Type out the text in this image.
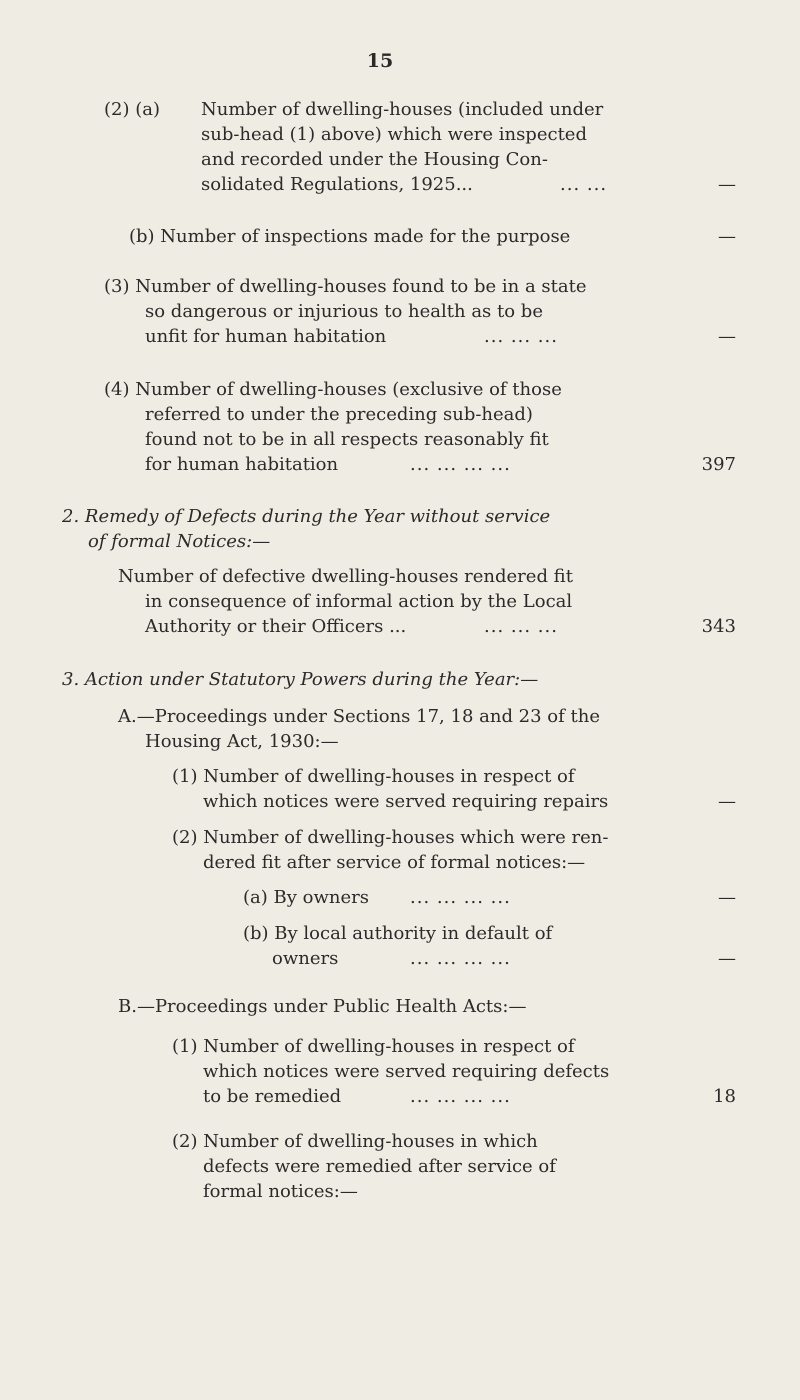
15
(2) (a) Number of dwelling-houses (included under
sub-head (1) above) which were inspected
and recorded under the Housing Con-
solidated Regulations, 1925...	... ...	—
(b) Number of inspections made for the purpose	—
(3) Number of dwelling-houses found to be in a state
so dangerous or injurious to health as to be
unfit for human habitation	... ... ...	—
(4) Number of dwelling-houses (exclusive of those
referred to under the preceding sub-head)
found not to be in all respects reasonably fit
for human habitation	... ... ... ...	397
2. Remedy of Defects during the Year without service
of formal Notices:—
Number of defective dwelling-houses rendered fit
in consequence of informal action by the Local
Authority or their Officers ...	... ... ...	343
3. Action under Statutory Powers during the Year:—
A.—Proceedings under Sections 17, 18 and 23 of the
Housing Act, 1930:—
(1) Number of dwelling-houses in respect of
which notices were served requiring repairs	—
(2) Number of dwelling-houses which were ren-
dered fit after service of formal notices:—
(a) By owners ... ... ... ...	—
(b) By local authority in default of
owners	... ... ... ...	—
B.—Proceedings under Public Health Acts:—
(1) Number of dwelling-houses in respect of
which notices were served requiring defects
to be remedied	... ... ... ...	18
(2) Number of dwelling-houses in which
defects were remedied after service of
formal notices:—
